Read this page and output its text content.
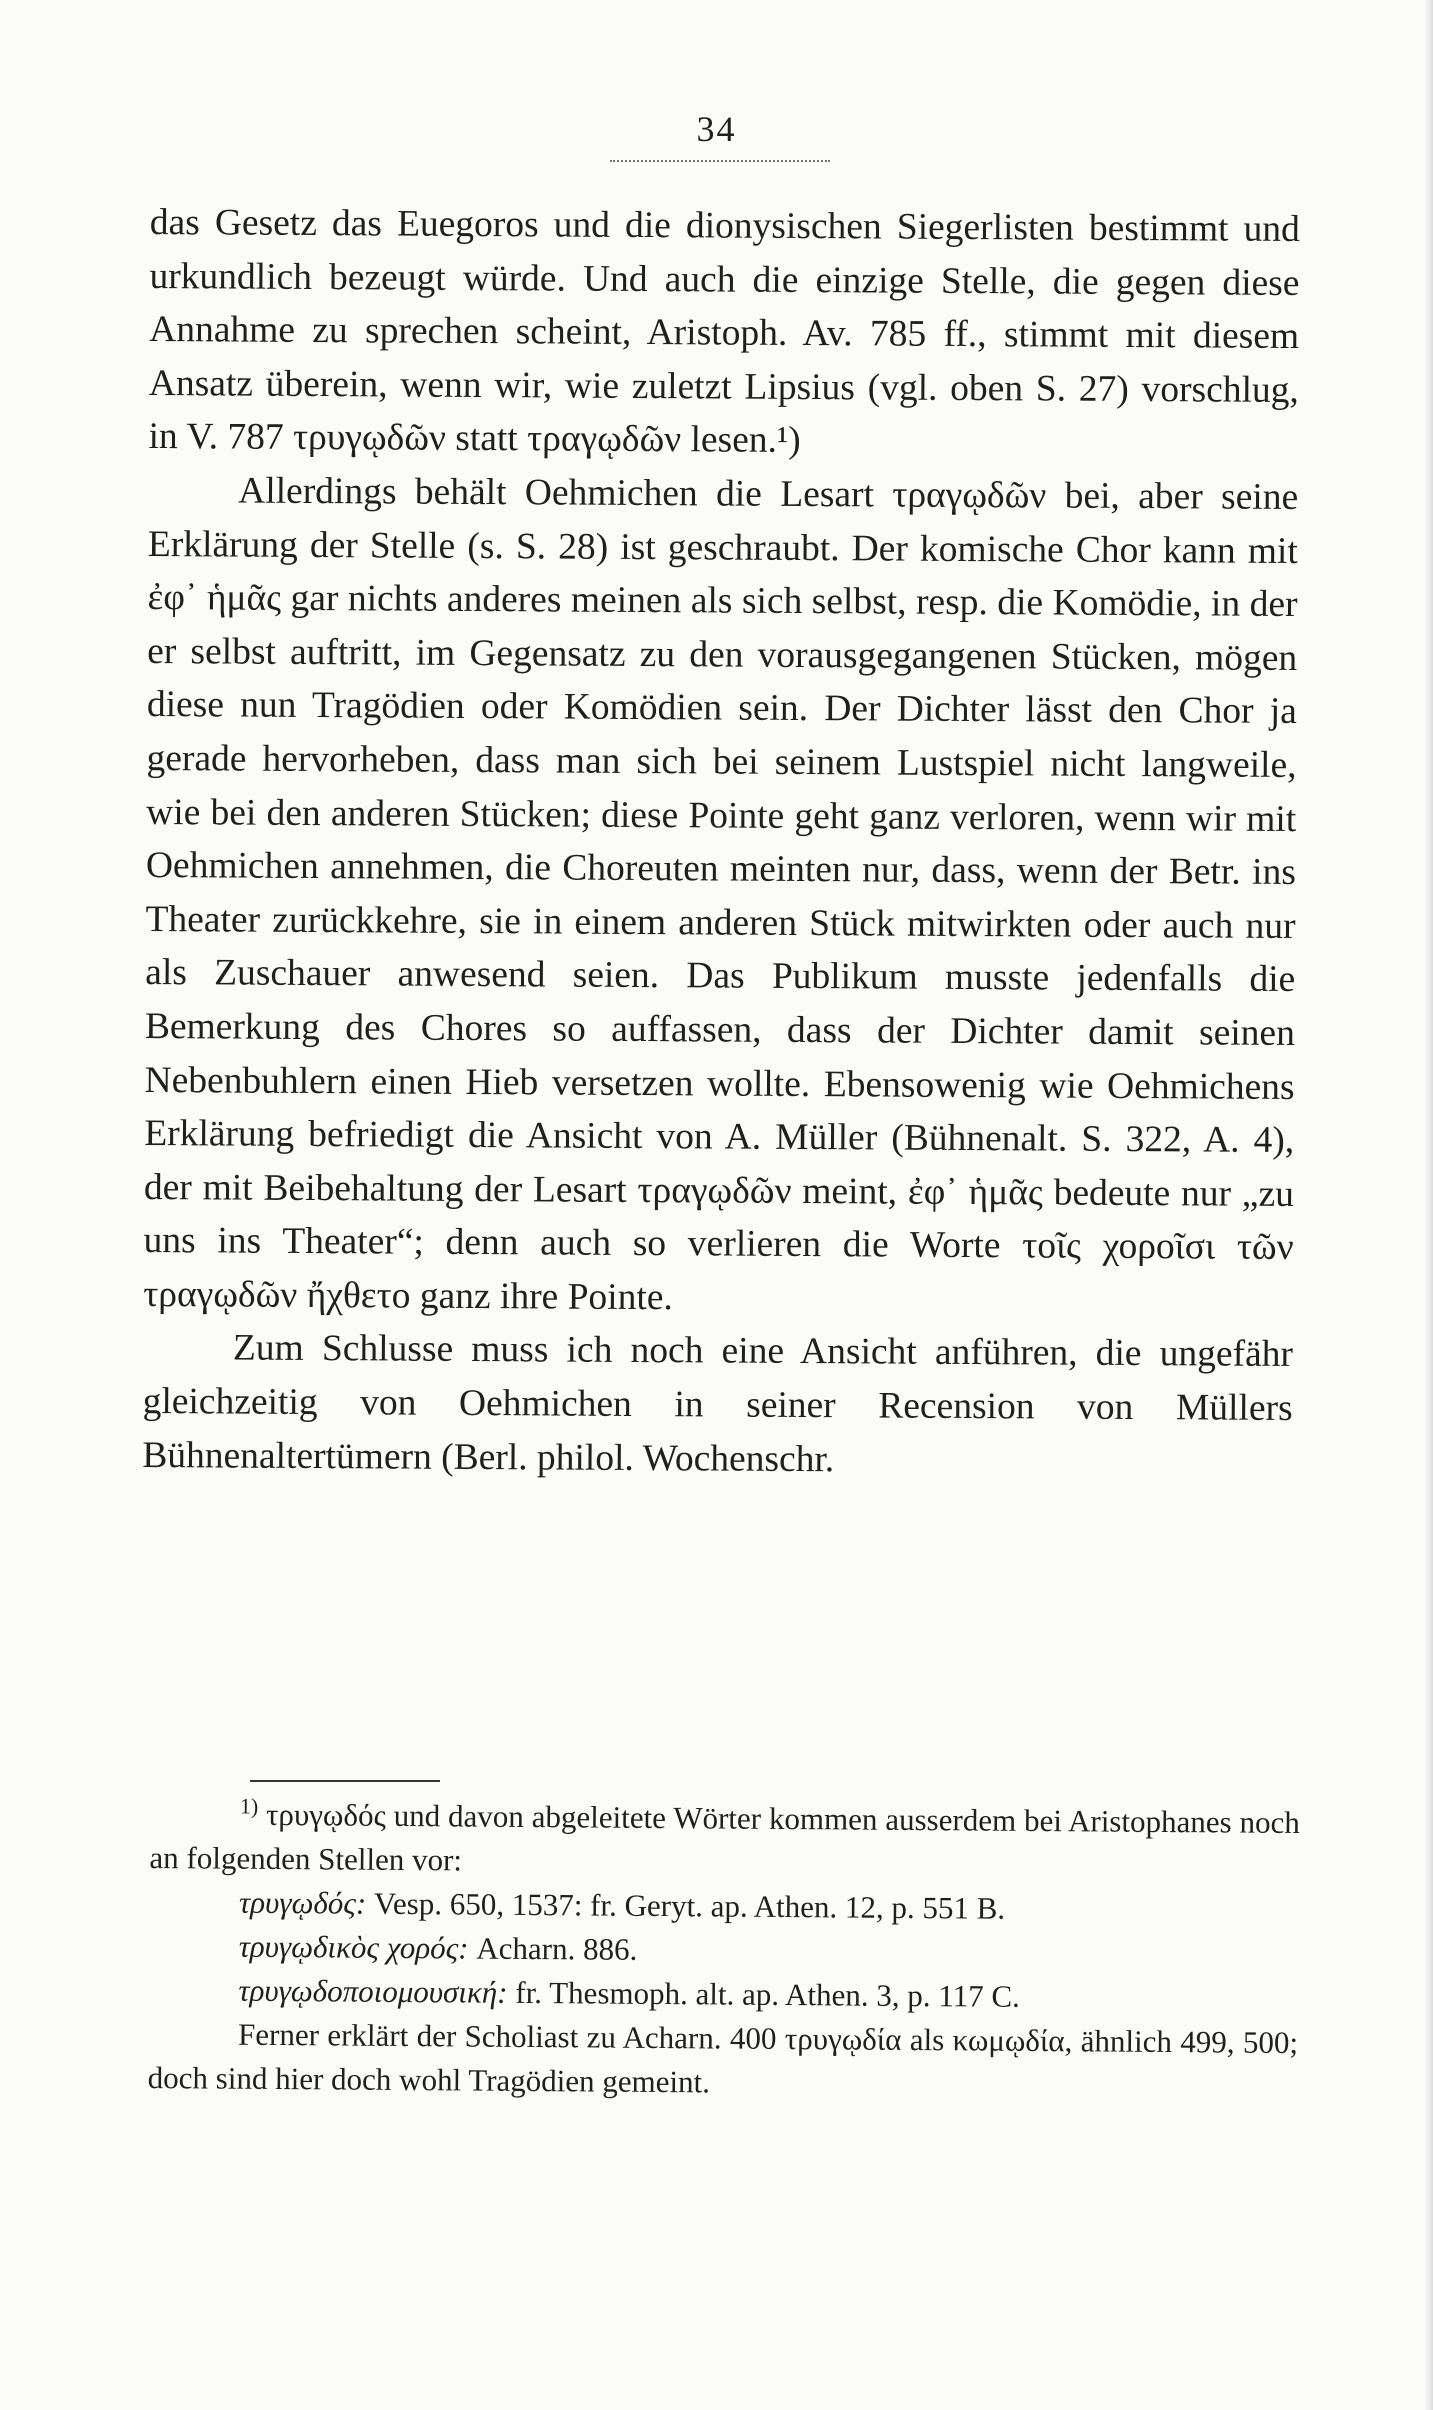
34

das Gesetz das Euegoros und die dionysischen Siegerlisten bestimmt und urkundlich bezeugt würde. Und auch die einzige Stelle, die gegen diese Annahme zu sprechen scheint, Aristoph. Av. 785 ff., stimmt mit diesem Ansatz überein, wenn wir, wie zuletzt Lipsius (vgl. oben S. 27) vorschlug, in V. 787 τρυγῳδῶν statt τραγῳδῶν lesen.¹)

Allerdings behält Oehmichen die Lesart τραγῳδῶν bei, aber seine Erklärung der Stelle (s. S. 28) ist geschraubt. Der komische Chor kann mit ἐφ᾽ ἡμᾶς gar nichts anderes meinen als sich selbst, resp. die Komödie, in der er selbst auftritt, im Gegensatz zu den vorausgegangenen Stücken, mögen diese nun Tragödien oder Komödien sein. Der Dichter lässt den Chor ja gerade hervorheben, dass man sich bei seinem Lustspiel nicht langweile, wie bei den anderen Stücken; diese Pointe geht ganz verloren, wenn wir mit Oehmichen annehmen, die Choreuten meinten nur, dass, wenn der Betr. ins Theater zurückkehre, sie in einem anderen Stück mitwirkten oder auch nur als Zuschauer anwesend seien. Das Publikum musste jedenfalls die Bemerkung des Chores so auffassen, dass der Dichter damit seinen Nebenbuhlern einen Hieb versetzen wollte. Ebensowenig wie Oehmichens Erklärung befriedigt die Ansicht von A. Müller (Bühnenalt. S. 322, A. 4), der mit Beibehaltung der Lesart τραγῳδῶν meint, ἐφ᾽ ἡμᾶς bedeute nur „zu uns ins Theater“; denn auch so verlieren die Worte τοῖς χοροῖσι τῶν τραγῳδῶν ἤχθετο ganz ihre Pointe.

Zum Schlusse muss ich noch eine Ansicht anführen, die ungefähr gleichzeitig von Oehmichen in seiner Recension von Müllers Bühnenaltertümern (Berl. philol. Wochenschr.

$^{1)}$ τρυγῳδός und davon abgeleitete Wörter kommen ausserdem bei Aristophanes noch an folgenden Stellen vor:

τρυγῳδός: Vesp. 650, 1537: fr. Geryt. ap. Athen. 12, p. 551 B.

τρυγῳδικὸς χορός: Acharn. 886.

τρυγῳδοποιομουσική: fr. Thesmoph. alt. ap. Athen. 3, p. 117 C.

Ferner erklärt der Scholiast zu Acharn. 400 τρυγῳδία als κωμῳδία, ähnlich 499, 500; doch sind hier doch wohl Tragödien gemeint.
